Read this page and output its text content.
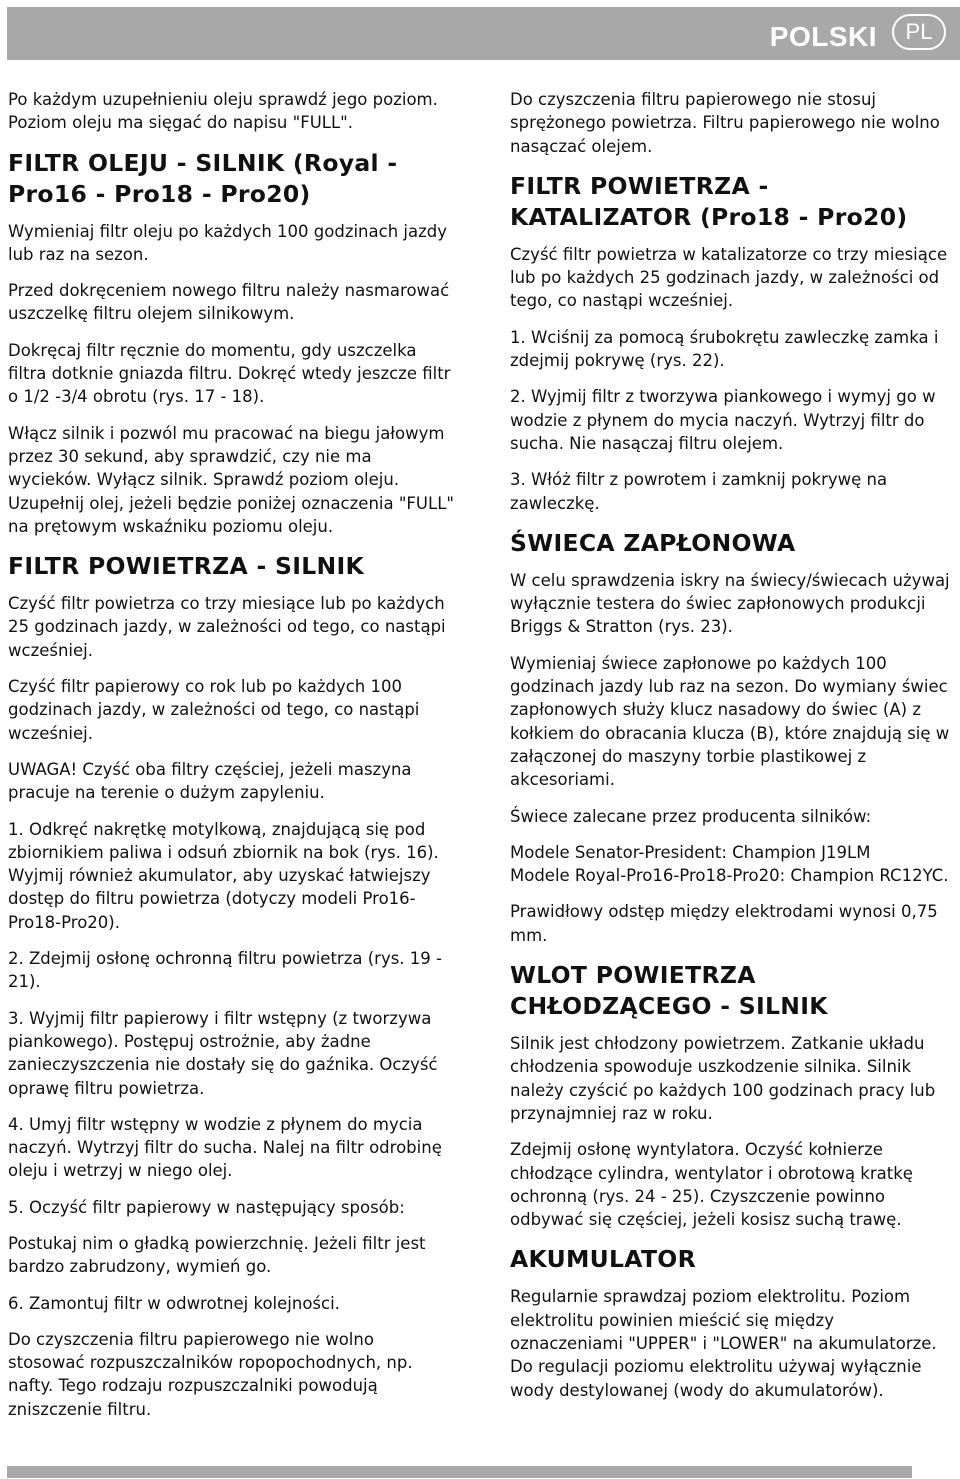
POLSKI	PL

Po każdym uzupełnieniu oleju sprawdź jego poziom. Poziom oleju ma sięgać do napisu "FULL".

FILTR OLEJU - SILNIK (Royal - Pro16 - Pro18 - Pro20)

Wymieniaj filtr oleju po każdych 100 godzinach jazdy lub raz na sezon.

Przed dokręceniem nowego filtru należy nasmarować uszczelkę filtru olejem silnikowym.

Dokręcaj filtr ręcznie do momentu, gdy uszczelka filtra dotknie gniazda filtru. Dokręć wtedy jeszcze filtr o 1/2 -3/4 obrotu (rys. 17 - 18).

Włącz silnik i pozwól mu pracować na biegu jałowym przez 30 sekund, aby sprawdzić, czy nie ma wycieków. Wyłącz silnik. Sprawdź poziom oleju. Uzupełnij olej, jeżeli będzie poniżej oznaczenia "FULL" na prętowym wskaźniku poziomu oleju.

FILTR POWIETRZA - SILNIK

Czyść filtr powietrza co trzy miesiące lub po każdych 25 godzinach jazdy, w zależności od tego, co nastąpi wcześniej.

Czyść filtr papierowy co rok lub po każdych 100 godzinach jazdy, w zależności od tego, co nastąpi wcześniej.

UWAGA! Czyść oba filtry częściej, jeżeli maszyna pracuje na terenie o dużym zapyleniu.

1. Odkręć nakrętkę motylkową, znajdującą się pod zbiornikiem paliwa i odsuń zbiornik na bok (rys. 16). Wyjmij również akumulator, aby uzyskać łatwiejszy dostęp do filtru powietrza (dotyczy modeli Pro16-Pro18-Pro20).

2. Zdejmij osłonę ochronną filtru powietrza (rys. 19 - 21).

3. Wyjmij filtr papierowy i filtr wstępny (z tworzywa piankowego). Postępuj ostrożnie, aby żadne zanieczyszczenia nie dostały się do gaźnika. Oczyść oprawę filtru powietrza.

4. Umyj filtr wstępny w wodzie z płynem do mycia naczyń. Wytrzyj filtr do sucha. Nalej na filtr odrobinę oleju i wetrzyj w niego olej.

5. Oczyść filtr papierowy w następujący sposób:

Postukaj nim o gładką powierzchnię. Jeżeli filtr jest bardzo zabrudzony, wymień go.

6. Zamontuj filtr w odwrotnej kolejności.

Do czyszczenia filtru papierowego nie wolno stosować rozpuszczalników ropopochodnych, np. nafty. Tego rodzaju rozpuszczalniki powodują zniszczenie filtru.

Do czyszczenia filtru papierowego nie stosuj sprężonego powietrza. Filtru papierowego nie wolno nasączać olejem.

FILTR POWIETRZA - KATALIZATOR (Pro18 - Pro20)

Czyść filtr powietrza w katalizatorze co trzy miesiące lub po każdych 25 godzinach jazdy, w zależności od tego, co nastąpi wcześniej.

1. Wciśnij za pomocą śrubokrętu zawleczkę zamka i zdejmij pokrywę (rys. 22).

2. Wyjmij filtr z tworzywa piankowego i wymyj go w wodzie z płynem do mycia naczyń. Wytrzyj filtr do sucha. Nie nasączaj filtru olejem.

3. Włóż filtr z powrotem i zamknij pokrywę na zawleczkę.

ŚWIECA ZAPŁONOWA

W celu sprawdzenia iskry na świecy/świecach używaj wyłącznie testera do świec zapłonowych produkcji Briggs & Stratton (rys. 23).

Wymieniaj świece zapłonowe po każdych 100 godzinach jazdy lub raz na sezon. Do wymiany świec zapłonowych służy klucz nasadowy do świec (A) z kołkiem do obracania klucza (B), które znajdują się w załączonej do maszyny torbie plastikowej z akcesoriami.

Świece zalecane przez producenta silników:

Modele Senator-President: Champion J19LM
Modele Royal-Pro16-Pro18-Pro20: Champion RC12YC.

Prawidłowy odstęp między elektrodami wynosi 0,75 mm.

WLOT POWIETRZA CHŁODZĄCEGO - SILNIK

Silnik jest chłodzony powietrzem. Zatkanie układu chłodzenia spowoduje uszkodzenie silnika. Silnik należy czyścić po każdych 100 godzinach pracy lub przynajmniej raz w roku.

Zdejmij osłonę wyntylatora. Oczyść kołnierze chłodzące cylindra, wentylator i obrotową kratkę ochronną (rys. 24 - 25). Czyszczenie powinno odbywać się częściej, jeżeli kosisz suchą trawę.

AKUMULATOR

Regularnie sprawdzaj poziom elektrolitu. Poziom elektrolitu powinien mieścić się między oznaczeniami "UPPER" i "LOWER" na akumulatorze. Do regulacji poziomu elektrolitu używaj wyłącznie wody destylowanej (wody do akumulatorów).
